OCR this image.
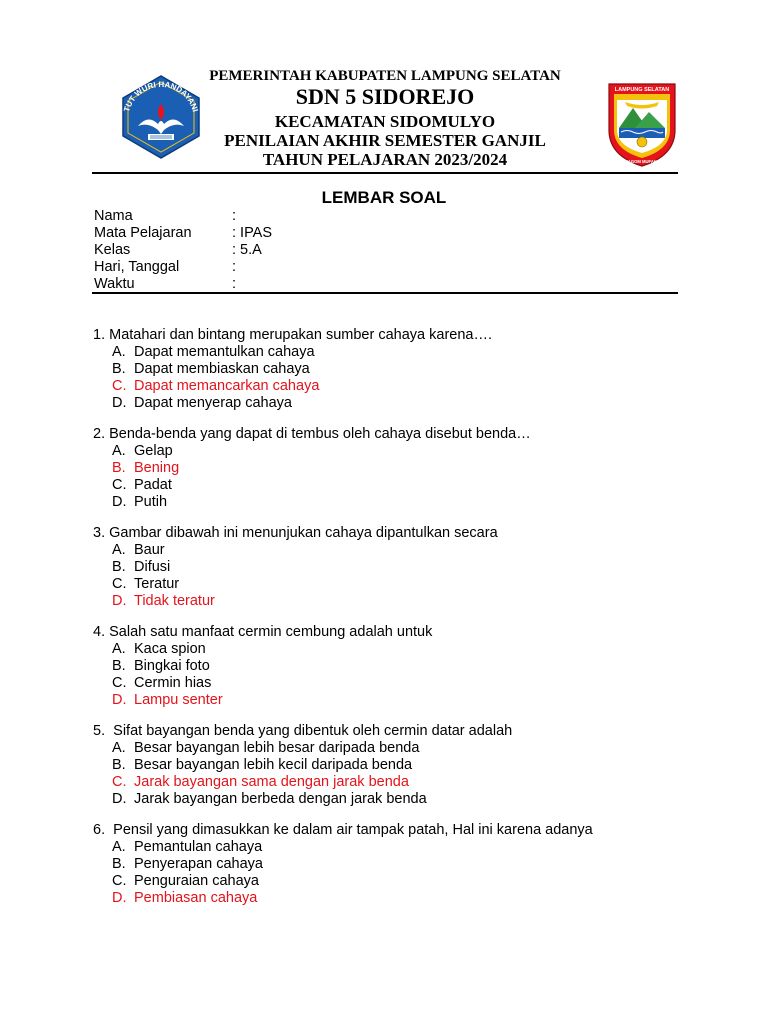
TUT WURI HANDAYANI
PEMERINTAH KABUPATEN LAMPUNG SELATAN
SDN 5 SIDOREJO
KECAMATAN SIDOMULYO
PENILAIAN AKHIR SEMESTER GANJIL
TAHUN PELAJARAN 2023/2024
LAMPUNG SELATAN
KHAGOM MUFAKAT
LEMBAR SOAL
Nama	:
Mata Pelajaran	: IPAS
Kelas	: 5.A
Hari, Tanggal	:
Waktu	:
1. Matahari dan bintang merupakan sumber cahaya karena….
A. Dapat memantulkan cahaya
B. Dapat membiaskan cahaya
C. Dapat memancarkan cahaya
D. Dapat menyerap cahaya
2. Benda-benda yang dapat di tembus oleh cahaya disebut benda…
A. Gelap
B. Bening
C. Padat
D. Putih
3. Gambar dibawah ini menunjukan cahaya dipantulkan secara
A. Baur
B. Difusi
C. Teratur
D. Tidak teratur
4. Salah satu manfaat cermin cembung adalah untuk
A. Kaca spion
B. Bingkai foto
C. Cermin hias
D. Lampu senter
5.  Sifat bayangan benda yang dibentuk oleh cermin datar adalah
A. Besar bayangan lebih besar daripada benda
B. Besar bayangan lebih kecil daripada benda
C. Jarak bayangan sama dengan jarak benda
D. Jarak bayangan berbeda dengan jarak benda
6.  Pensil yang dimasukkan ke dalam air tampak patah, Hal ini karena adanya
A. Pemantulan cahaya
B. Penyerapan cahaya
C. Penguraian cahaya
D. Pembiasan cahaya
